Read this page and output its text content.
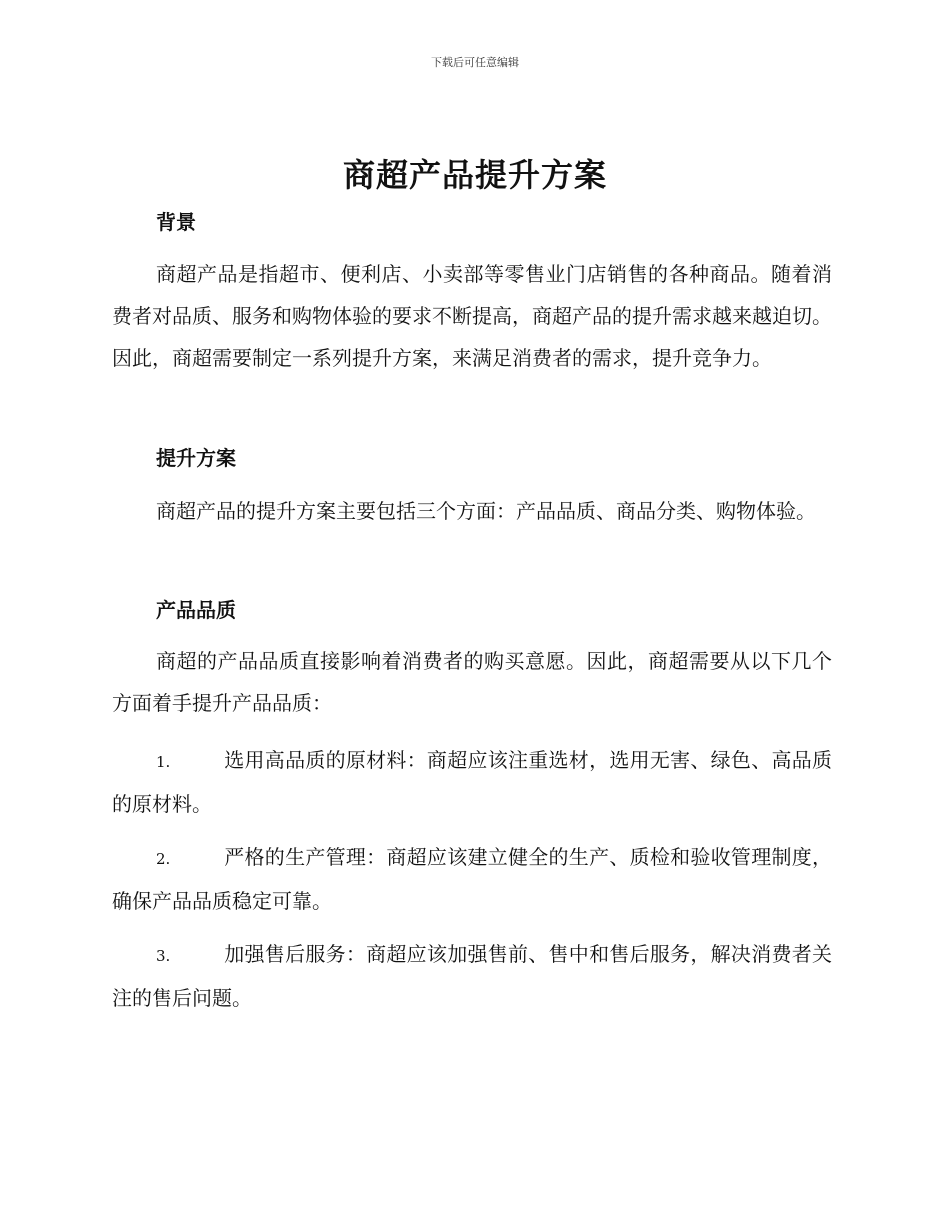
下载后可任意编辑
商超产品提升方案
背景
商超产品是指超市、便利店、小卖部等零售业门店销售的各种商品。随着消费者对品质、服务和购物体验的要求不断提高，商超产品的提升需求越来越迫切。因此，商超需要制定一系列提升方案，来满足消费者的需求，提升竞争力。
提升方案
商超产品的提升方案主要包括三个方面：产品品质、商品分类、购物体验。
产品品质
商超的产品品质直接影响着消费者的购买意愿。因此，商超需要从以下几个方面着手提升产品品质：
1.	选用高品质的原材料：商超应该注重选材，选用无害、绿色、高品质的原材料。
2.	严格的生产管理：商超应该建立健全的生产、质检和验收管理制度，确保产品品质稳定可靠。
3.	加强售后服务：商超应该加强售前、售中和售后服务，解决消费者关注的售后问题。
